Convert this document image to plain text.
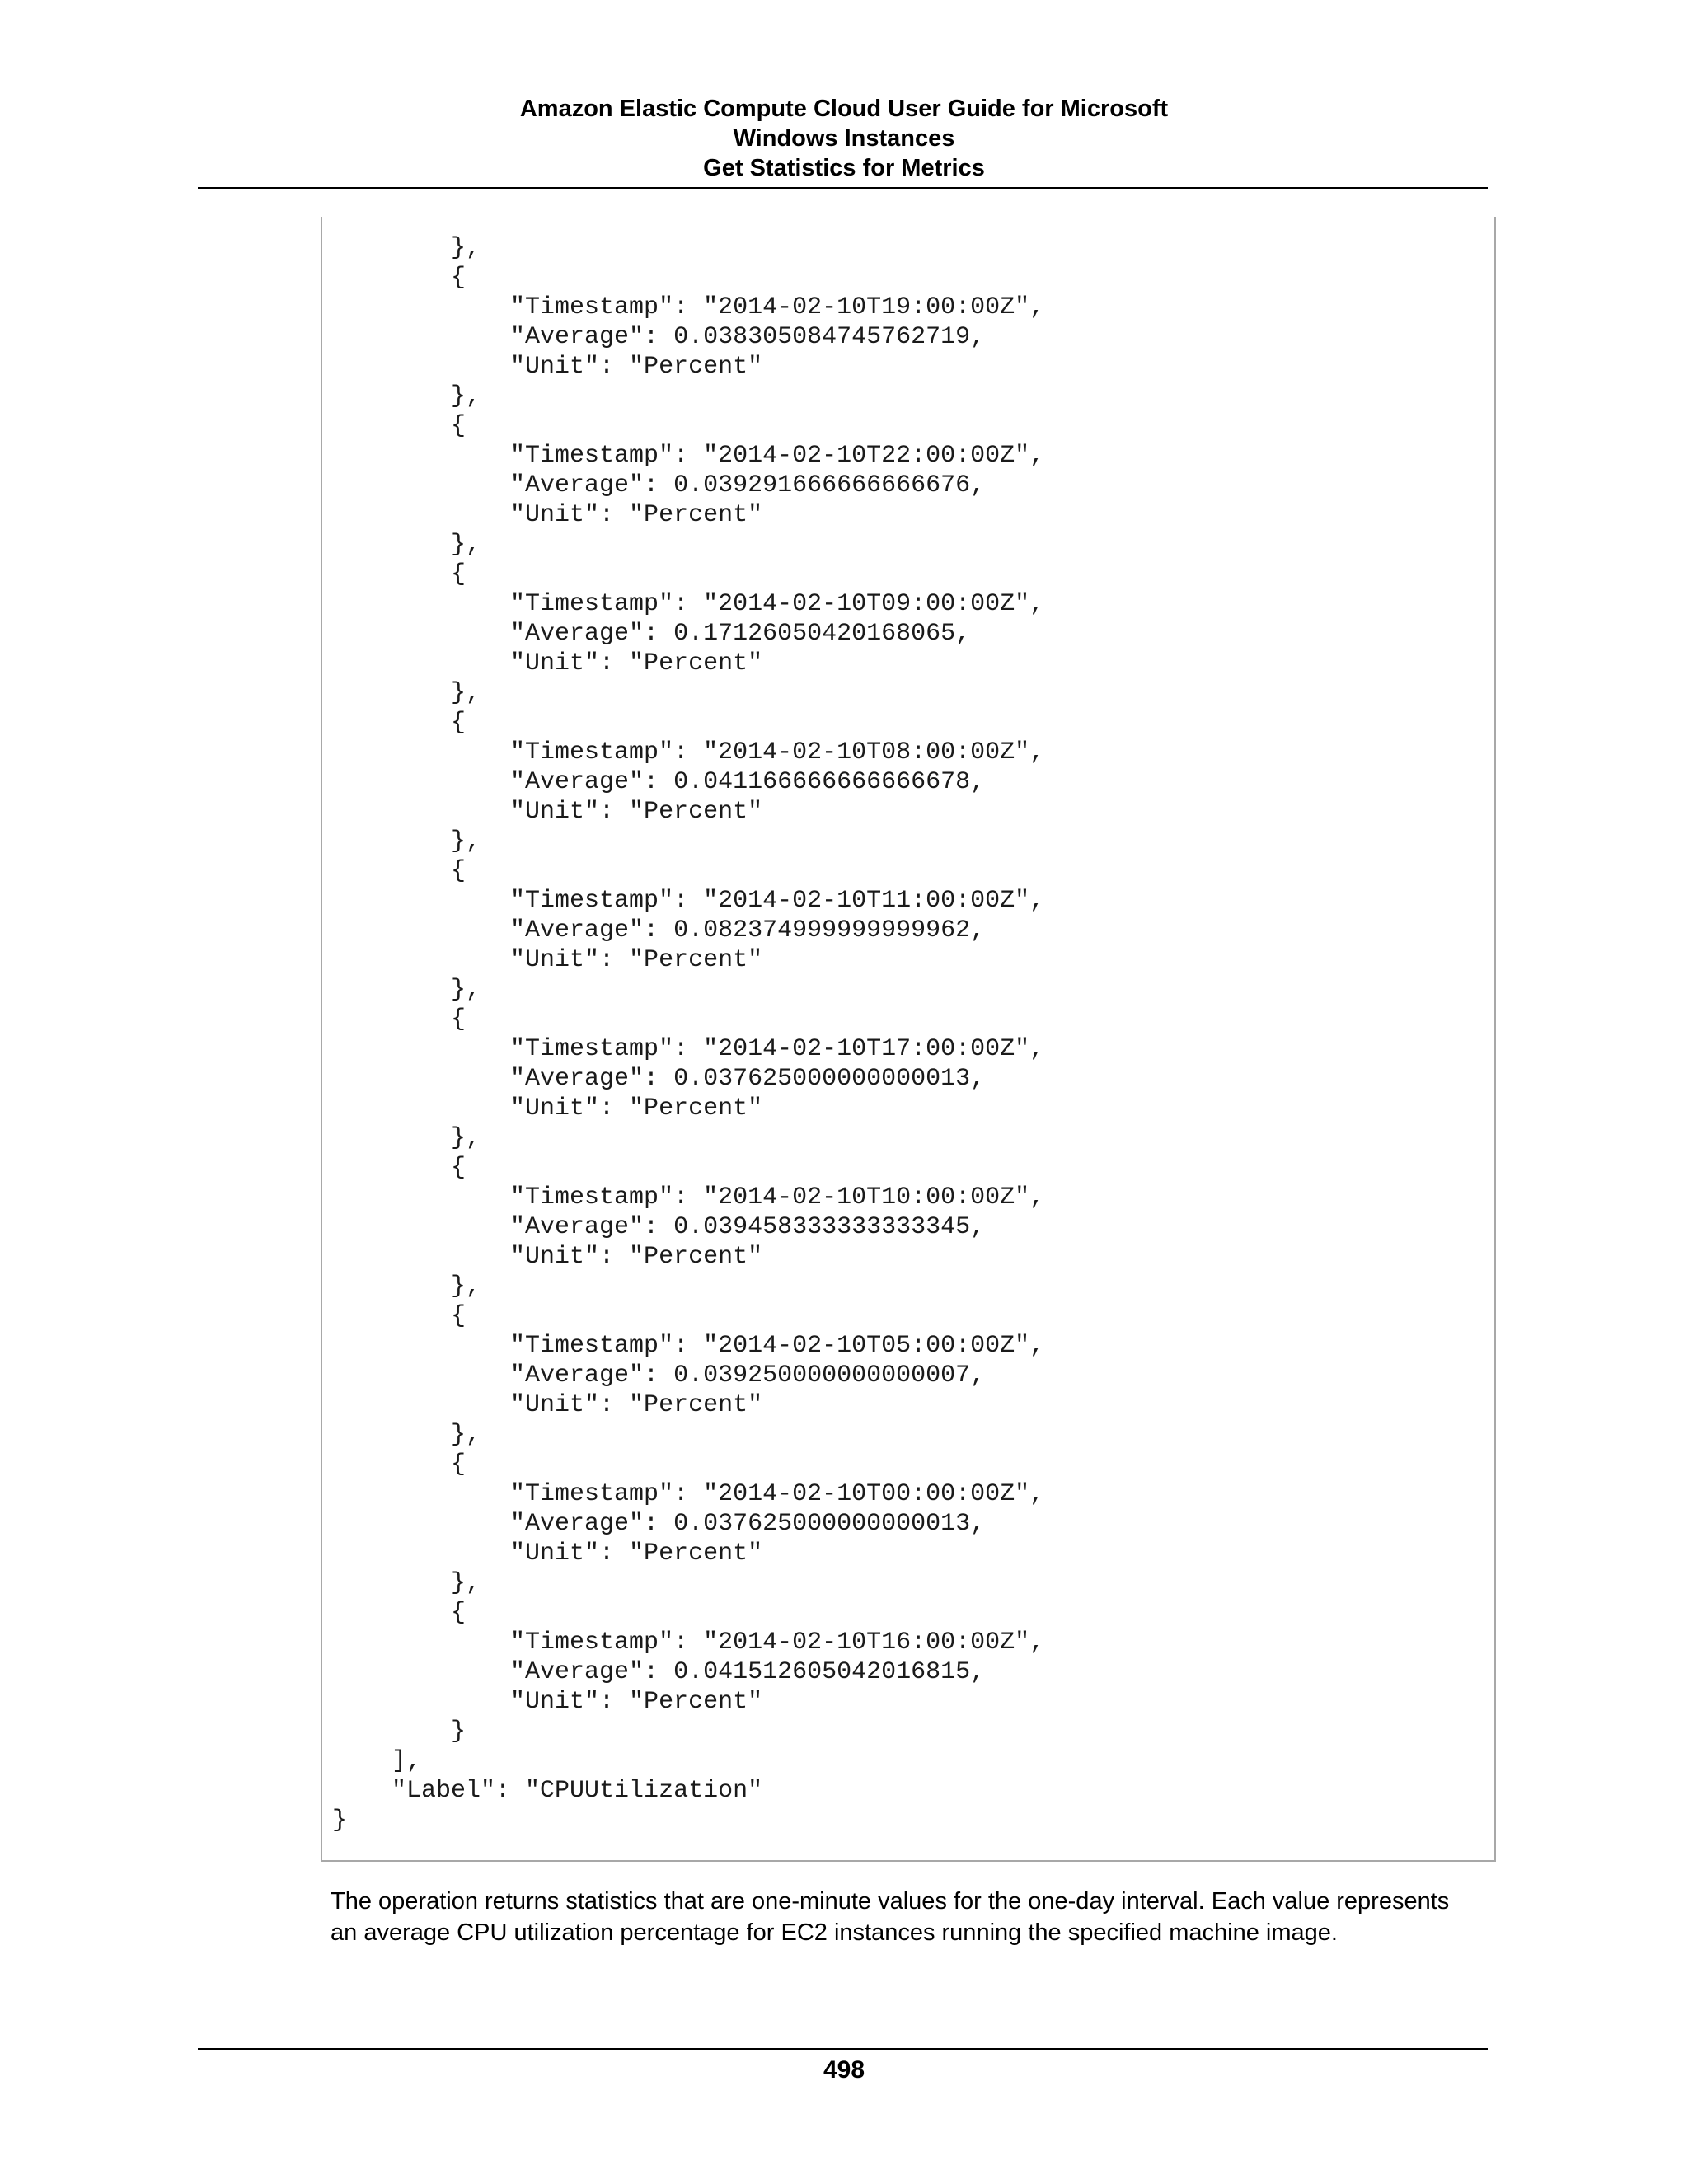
Amazon Elastic Compute Cloud User Guide for Microsoft
Windows Instances
Get Statistics for Metrics
},
{
"Timestamp": "2014-02-10T19:00:00Z",
"Average": 0.038305084745762719,
"Unit": "Percent"
},
{
"Timestamp": "2014-02-10T22:00:00Z",
"Average": 0.039291666666666676,
"Unit": "Percent"
},
{
"Timestamp": "2014-02-10T09:00:00Z",
"Average": 0.17126050420168065,
"Unit": "Percent"
},
{
"Timestamp": "2014-02-10T08:00:00Z",
"Average": 0.041166666666666678,
"Unit": "Percent"
},
{
"Timestamp": "2014-02-10T11:00:00Z",
"Average": 0.082374999999999962,
"Unit": "Percent"
},
{
"Timestamp": "2014-02-10T17:00:00Z",
"Average": 0.037625000000000013,
"Unit": "Percent"
},
{
"Timestamp": "2014-02-10T10:00:00Z",
"Average": 0.039458333333333345,
"Unit": "Percent"
},
{
"Timestamp": "2014-02-10T05:00:00Z",
"Average": 0.039250000000000007,
"Unit": "Percent"
},
{
"Timestamp": "2014-02-10T00:00:00Z",
"Average": 0.037625000000000013,
"Unit": "Percent"
},
{
"Timestamp": "2014-02-10T16:00:00Z",
"Average": 0.041512605042016815,
"Unit": "Percent"
}
],
"Label": "CPUUtilization"
}
The operation returns statistics that are one-minute values for the one-day interval. Each value represents
an average CPU utilization percentage for EC2 instances running the specified machine image.
498
